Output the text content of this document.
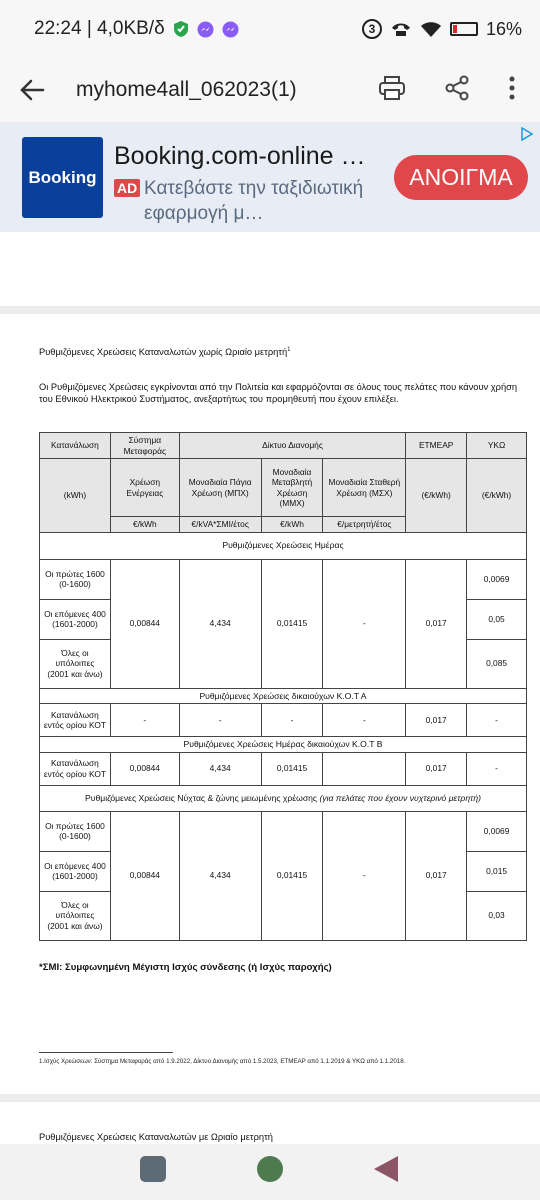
22:24 | 4,0KB/δ	3	16%
myhome4all_062023(1)
Booking
Booking.com-online …
AD Κατεβάστε την ταξιδιωτική εφαρμογή μ…
ΑΝΟΙΓΜΑ
Ρυθμιζόμενες Χρεώσεις Καταναλωτών χωρίς Ωριαίο μετρητή$^1$
Οι Ρυθμιζόμενες Χρεώσεις εγκρίνονται από την Πολιτεία και εφαρμόζονται σε όλους τους πελάτες που κάνουν χρήση του Εθνικού Ηλεκτρικού Συστήματος, ανεξαρτήτως του προμηθευτή που έχουν επιλέξει.
Κατανάλωση	Σύστημα Μεταφοράς	Δίκτυο Διανομής			ΕΤΜΕΑΡ	ΥΚΩ
(kWh)	Χρέωση Ενέργειας	Μοναδιαία Πάγια Χρέωση (ΜΠΧ)	Μοναδιαία Μεταβλητή Χρέωση (ΜΜΧ)	Μοναδιαία Σταθερή Χρέωση (ΜΣΧ)	(€/kWh)	(€/kWh)
	€/kWh	€/kVA*ΣΜΙ/έτος	€/kWh	€/μετρητή/έτος		
Ρυθμιζόμενες Χρεώσεις Ημέρας						
Οι πρώτες 1600
(0-1600)	0,00844	4,434	0,01415	-	0,017	0,0069
Οι επόμενες 400
(1601-2000)						0,05
Όλες οι υπόλοιπες
(2001 και άνω)						0,085
Ρυθμιζόμενες Χρεώσεις δικαιούχων Κ.Ο.Τ Α						
Κατανάλωση εντός ορίου ΚΟΤ	-	-	-	-	0,017	-
Ρυθμιζόμενες Χρεώσεις Ημέρας δικαιούχων Κ.Ο.Τ Β						
Κατανάλωση εντός ορίου ΚΟΤ	0,00844	4,434	0,01415		0,017	-
Ρυθμιζόμενες Χρεώσεις Νύχτας & ζώνης μειωμένης χρέωσης (για πελάτες που έχουν νυχτερινό μετρητή)						
Οι πρώτες 1600
(0-1600)	0,00844	4,434	0,01415	-	0,017	0,0069
Οι επόμενες 400
(1601-2000)						0,015
Όλες οι υπόλοιπες
(2001 και άνω)						0,03
*ΣΜΙ: Συμφωνημένη Μέγιστη Ισχύς σύνδεσης (ή Ισχύς παροχής)
1.Ισχύς Χρεώσεων: Σύστημα Μεταφοράς από 1.9.2022, Δίκτυο Διανομής από 1.5.2023, ΕΤΜΕΑΡ από 1.1.2019 & ΥΚΩ από 1.1.2018.
Ρυθμιζόμενες Χρεώσεις Καταναλωτών με Ωριαίο μετρητή
